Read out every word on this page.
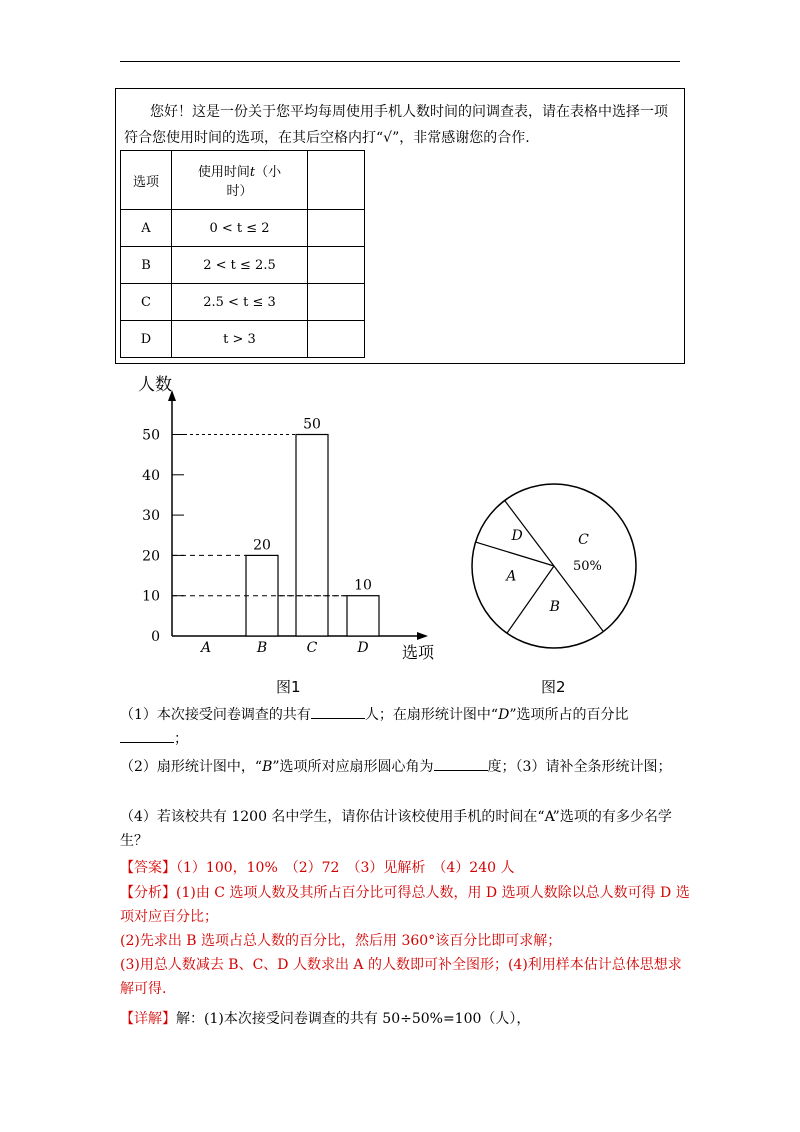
您好！这是一份关于您平均每周使用手机人数时间的问调查表，请在表格中选择一项符合您使用时间的选项，在其后空格内打“√”，非常感谢您的合作.
选项	使用时间t（小
时）	
A	0 < t ≤ 2	
B	2 < t ≤ 2.5	
C	2.5 < t ≤ 3	
D	t > 3	
人数
选项
0
10
20
30
40
50
A	B
20
C
50
D
10
C
50%
B
A
D
图1	图2
（1）本次接受问卷调查的共有	人；在扇形统计图中“D”选项所占的百分比
；
（2）扇形统计图中，“B”选项所对应扇形圆心角为	度；（3）请补全条形统计图；
（4）若该校共有 1200 名中学生，请你估计该校使用手机的时间在“A”选项的有多少名学生？
【答案】（1）100，10%　（2）72　（3）见解析　（4）240 人
【分析】(1)由 C 选项人数及其所占百分比可得总人数，用 D 选项人数除以总人数可得 D 选项对应百分比；
(2)先求出 B 选项占总人数的百分比，然后用 360°该百分比即可求解；
(3)用总人数减去 B、C、D 人数求出 A 的人数即可补全图形；(4)利用样本估计总体思想求解可得.
【详解】解：(1)本次接受问卷调查的共有 50÷50%=100（人），
